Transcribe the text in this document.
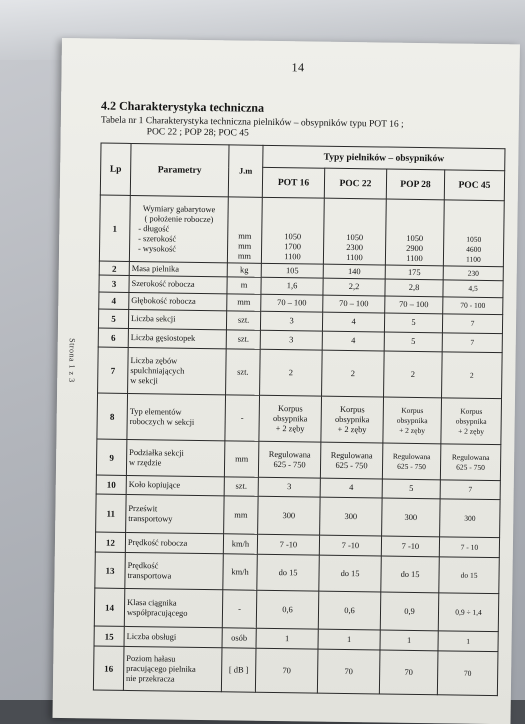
14
4.2 Charakterystyka techniczna
Tabela nr 1 Charakterystyka techniczna pielników – obsypników typu POT 16 ;
POC 22 ; POP 28; POC 45
Strona 1 z 3
Lp	Parametry	J.m	Typy pielników – obsypników			
			POT 16	POC 22	POP 28	POC 45
1	Wymiary gabarytowe
( położenie robocze)
- długość
- szerokość
- wysokość	mm
mm
mm	1050
1700
1100	1050
2300
1100	1050
2900
1100	1050
4600
1100

2	Masa pielnika	kg	105	140	175	230
3	Szerokość robocza	m	1,6	2,2	2,8	4,5
4	Głębokość robocza	mm	70 – 100	70 – 100	70 – 100	70 - 100
5	Liczba sekcji	szt.	3	4	5	7
6	Liczba gęsiostopek	szt.	3	4	5	7
7	Liczba zębów
spulchniających
w sekcji	szt.	2	2	2	2
8	Typ elementów
roboczych w sekcji	-	Korpus
obsypnika
+ 2 zęby	Korpus
obsypnika
+ 2 zęby	Korpus
obsypnika
+ 2 zęby	Korpus
obsypnika
+ 2 zęby

9	Podziałka sekcji
w rzędzie	mm	Regulowana
625 - 750	Regulowana
625 - 750	Regulowana
625 - 750	Regulowana
625 - 750

10	Koło kopiujące	szt.	3	4	5	7
11	Prześwit
transportowy	mm	300	300	300	300
12	Prędkość robocza	km/h	7 -10	7 -10	7 -10	7 - 10
13	Prędkość
transportowa	km/h	do 15	do 15	do 15	do 15
14	Klasa ciągnika
współpracującego	-	0,6	0,6	0,9	0,9 ÷ 1,4
15	Liczba obsługi	osób	1	1	1	1
16	Poziom hałasu
pracującego pielnika
nie przekracza	[ dB ]	70	70	70	70
